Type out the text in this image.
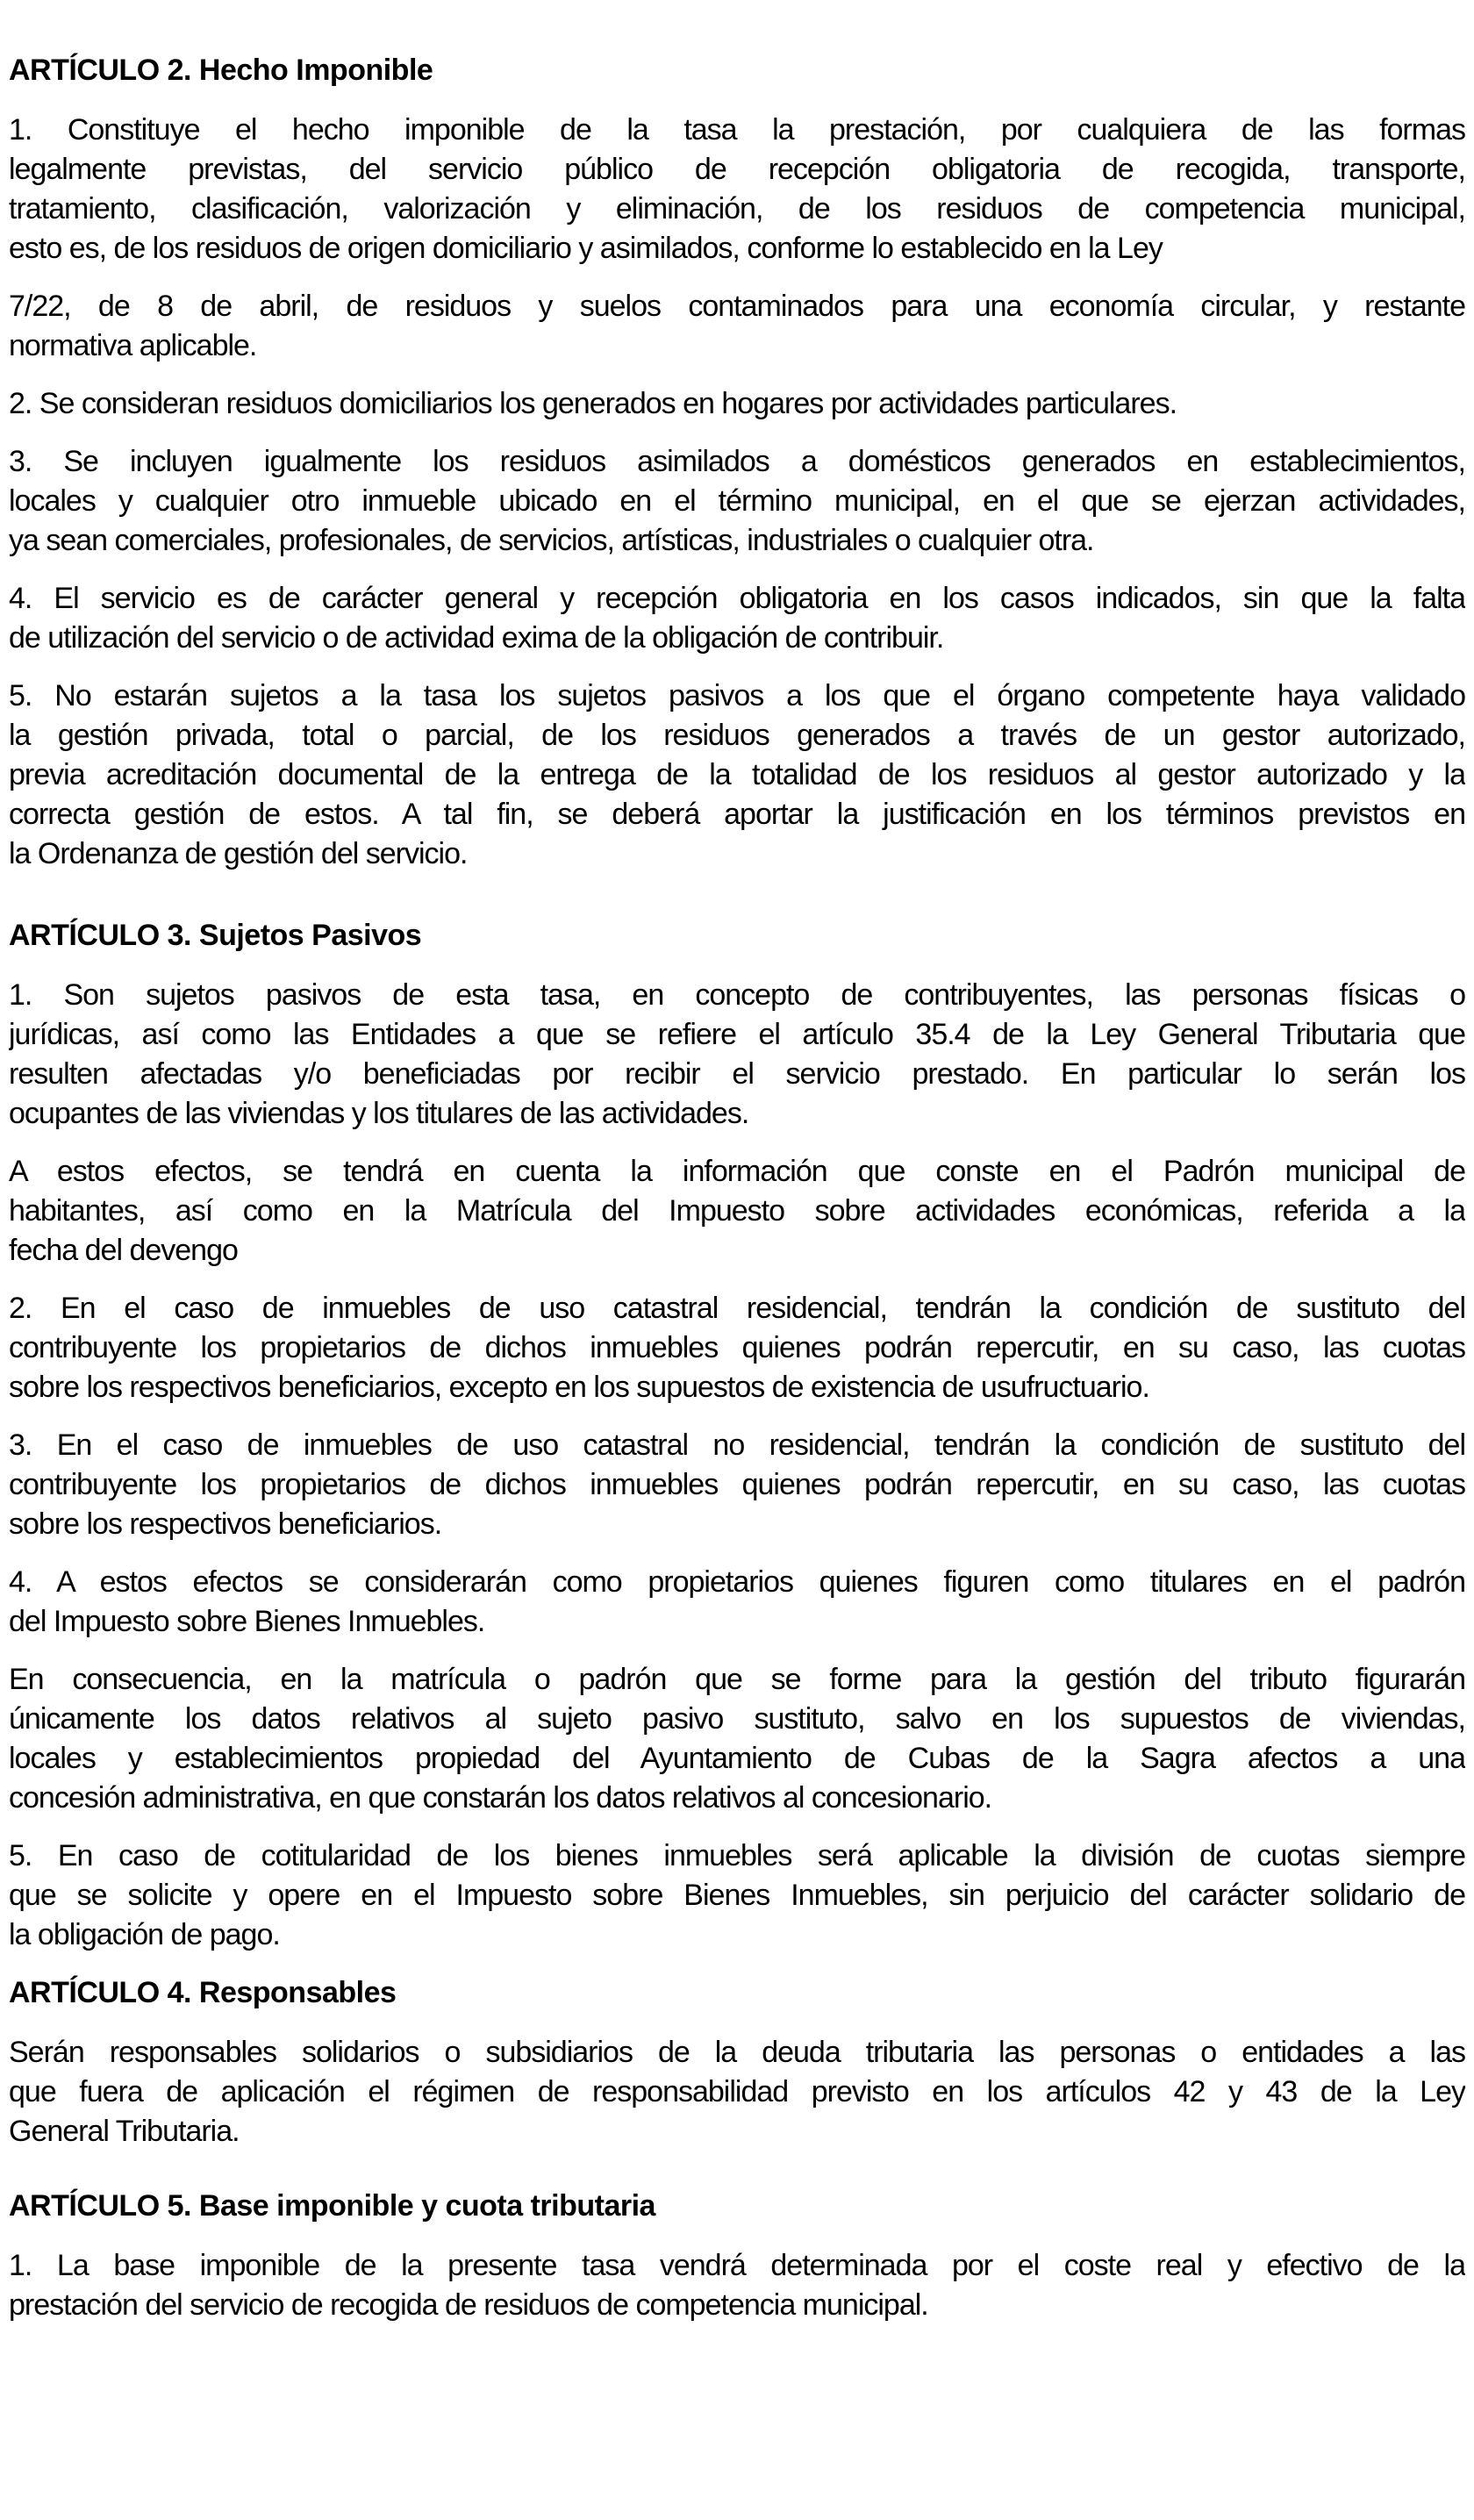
ARTÍCULO 2. Hecho Imponible
1. Constituye el hecho imponible de la tasa la prestación, por cualquiera de las formas
legalmente previstas, del servicio público de recepción obligatoria de recogida, transporte,
tratamiento, clasificación, valorización y eliminación, de los residuos de competencia municipal,
esto es, de los residuos de origen domiciliario y asimilados, conforme lo establecido en la Ley
7/22, de 8 de abril, de residuos y suelos contaminados para una economía circular, y restante
normativa aplicable.
2. Se consideran residuos domiciliarios los generados en hogares por actividades particulares.
3. Se incluyen igualmente los residuos asimilados a domésticos generados en establecimientos,
locales y cualquier otro inmueble ubicado en el término municipal, en el que se ejerzan actividades,
ya sean comerciales, profesionales, de servicios, artísticas, industriales o cualquier otra.
4. El servicio es de carácter general y recepción obligatoria en los casos indicados, sin que la falta
de utilización del servicio o de actividad exima de la obligación de contribuir.
5. No estarán sujetos a la tasa los sujetos pasivos a los que el órgano competente haya validado
la gestión privada, total o parcial, de los residuos generados a través de un gestor autorizado,
previa acreditación documental de la entrega de la totalidad de los residuos al gestor autorizado y la
correcta gestión de estos. A tal fin, se deberá aportar la justificación en los términos previstos en
la Ordenanza de gestión del servicio.
ARTÍCULO 3. Sujetos Pasivos
1. Son sujetos pasivos de esta tasa, en concepto de contribuyentes, las personas físicas o
jurídicas, así como las Entidades a que se refiere el artículo 35.4 de la Ley General Tributaria que
resulten afectadas y/o beneficiadas por recibir el servicio prestado. En particular lo serán los
ocupantes de las viviendas y los titulares de las actividades.
A estos efectos, se tendrá en cuenta la información que conste en el Padrón municipal de
habitantes, así como en la Matrícula del Impuesto sobre actividades económicas, referida a la
fecha del devengo
2. En el caso de inmuebles de uso catastral residencial, tendrán la condición de sustituto del
contribuyente los propietarios de dichos inmuebles quienes podrán repercutir, en su caso, las cuotas
sobre los respectivos beneficiarios, excepto en los supuestos de existencia de usufructuario.
3. En el caso de inmuebles de uso catastral no residencial, tendrán la condición de sustituto del
contribuyente los propietarios de dichos inmuebles quienes podrán repercutir, en su caso, las cuotas
sobre los respectivos beneficiarios.
4. A estos efectos se considerarán como propietarios quienes figuren como titulares en el padrón
del Impuesto sobre Bienes Inmuebles.
En consecuencia, en la matrícula o padrón que se forme para la gestión del tributo figurarán
únicamente los datos relativos al sujeto pasivo sustituto, salvo en los supuestos de viviendas,
locales y establecimientos propiedad del Ayuntamiento de Cubas de la Sagra afectos a una
concesión administrativa, en que constarán los datos relativos al concesionario.
5. En caso de cotitularidad de los bienes inmuebles será aplicable la división de cuotas siempre
que se solicite y opere en el Impuesto sobre Bienes Inmuebles, sin perjuicio del carácter solidario de
la obligación de pago.
ARTÍCULO 4. Responsables
Serán responsables solidarios o subsidiarios de la deuda tributaria las personas o entidades a las
que fuera de aplicación el régimen de responsabilidad previsto en los artículos 42 y 43 de la Ley
General Tributaria.
ARTÍCULO 5. Base imponible y cuota tributaria
1. La base imponible de la presente tasa vendrá determinada por el coste real y efectivo de la
prestación del servicio de recogida de residuos de competencia municipal.
